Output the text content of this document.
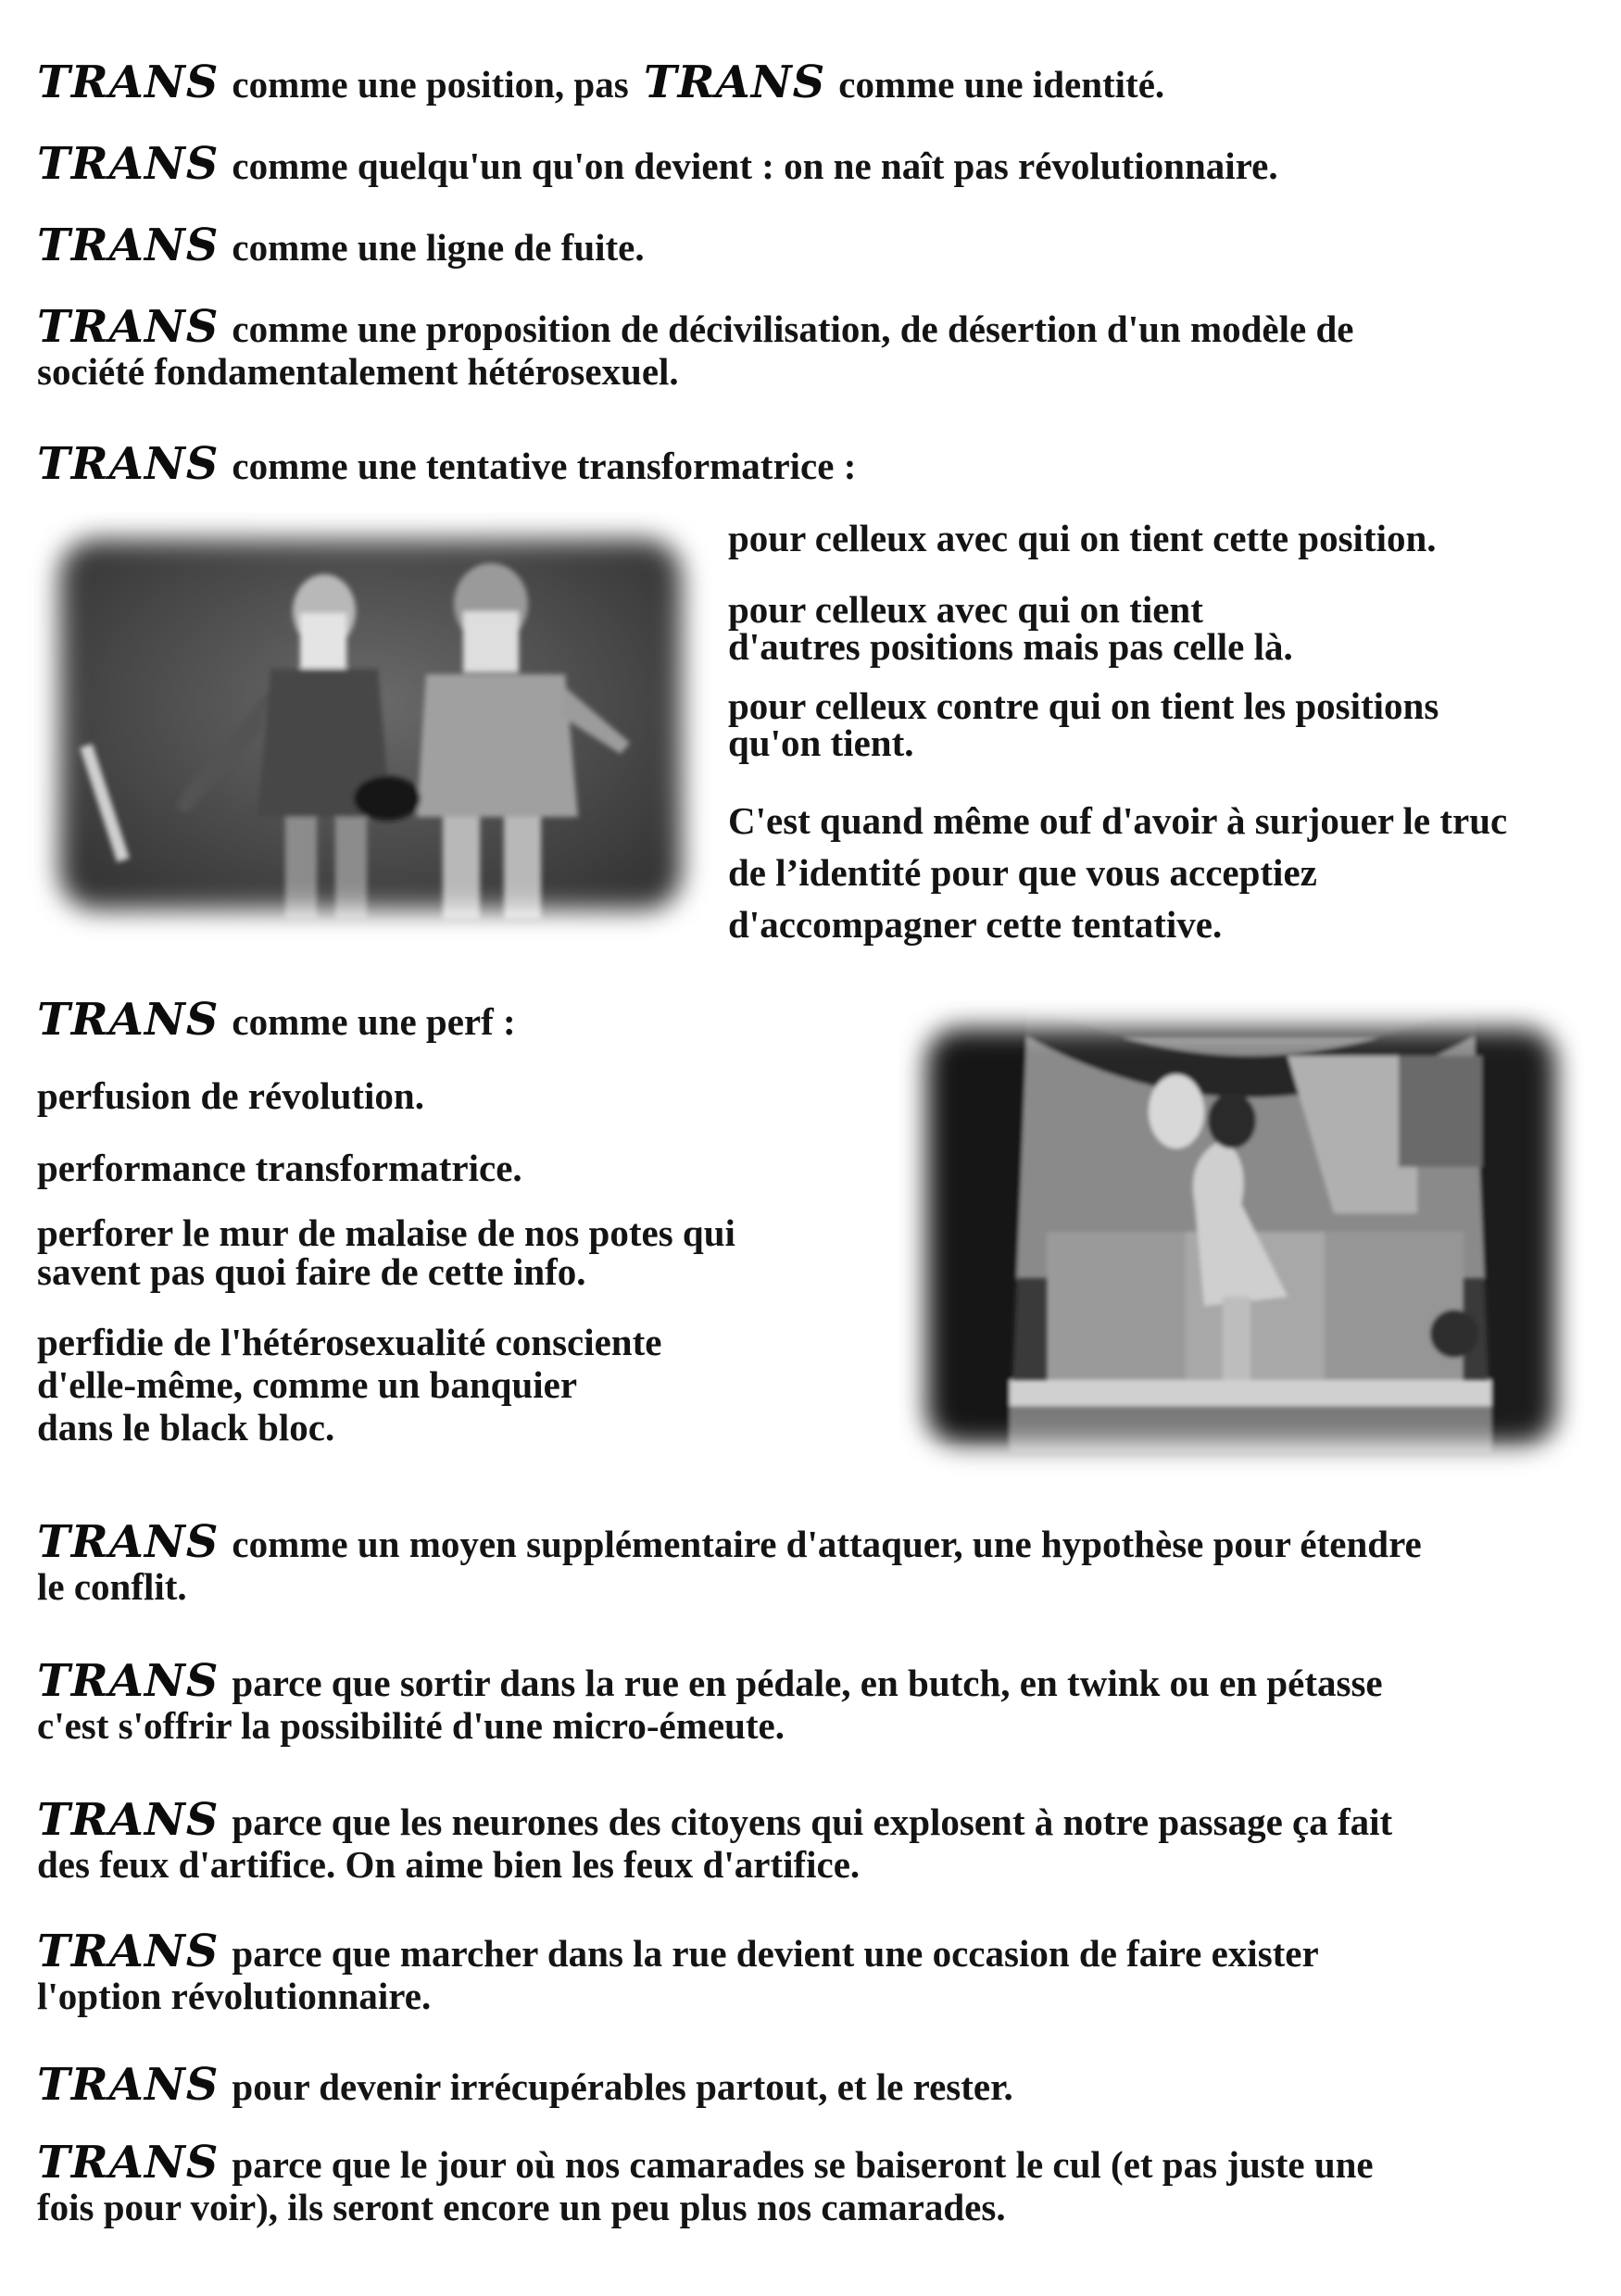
TRANS comme une position, pas TRANS comme une identité.

TRANS comme quelqu'un qu'on devient : on ne naît pas révolutionnaire.

TRANS comme une ligne de fuite.

TRANS comme une proposition de décivilisation, de désertion d'un modèle de
société fondamentalement hétérosexuel.

TRANS comme une tentative transformatrice :

pour celleux avec qui on tient cette position.

pour celleux avec qui on tient
d'autres positions mais pas celle là.

pour celleux contre qui on tient les positions
qu'on tient.

C'est quand même ouf d'avoir à surjouer le truc
de l’identité pour que vous acceptiez
d'accompagner cette tentative.

TRANS comme une perf :

perfusion de révolution.

performance transformatrice.

perforer le mur de malaise de nos potes qui
savent pas quoi faire de cette info.

perfidie de l'hétérosexualité consciente
d'elle-même, comme un banquier
dans le black bloc.

TRANS comme un moyen supplémentaire d'attaquer, une hypothèse pour étendre
le conflit.

TRANS parce que sortir dans la rue en pédale, en butch, en twink ou en pétasse
c'est s'offrir la possibilité d'une micro-émeute.

TRANS parce que les neurones des citoyens qui explosent à notre passage ça fait
des feux d'artifice. On aime bien les feux d'artifice.

TRANS parce que marcher dans la rue devient une occasion de faire exister
l'option révolutionnaire.

TRANS pour devenir irrécupérables partout, et le rester.

TRANS parce que le jour où nos camarades se baiseront le cul (et pas juste une
fois pour voir), ils seront encore un peu plus nos camarades.
